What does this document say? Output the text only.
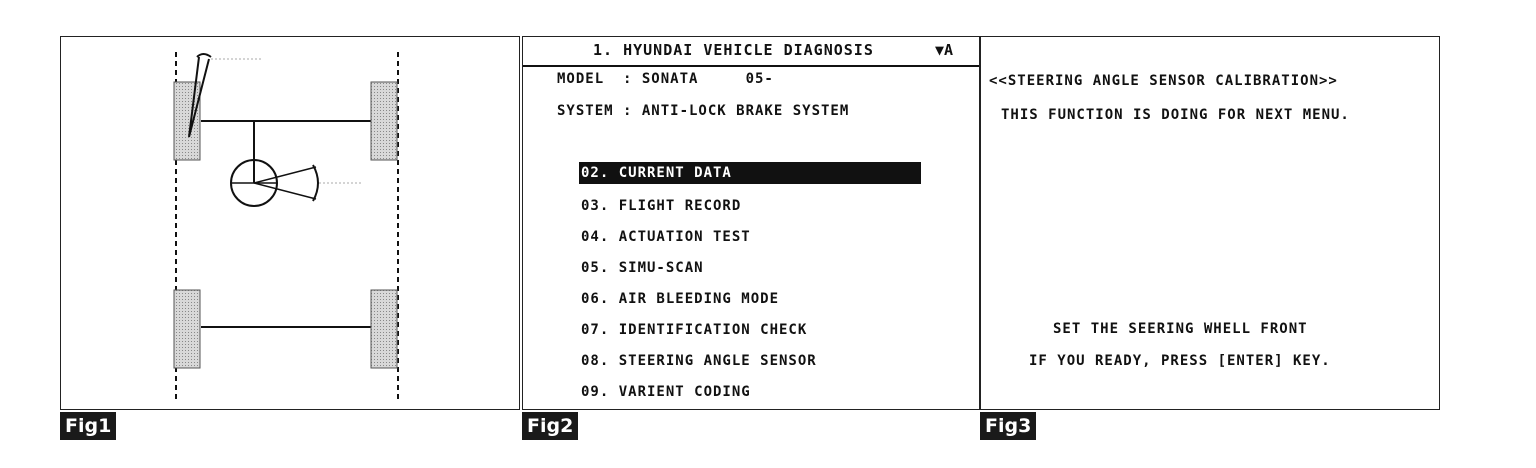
Fig1
1. HYUNDAI VEHICLE DIAGNOSIS	▼A
MODEL  : SONATA     05-
SYSTEM : ANTI-LOCK BRAKE SYSTEM
02. CURRENT DATA
03. FLIGHT RECORD
04. ACTUATION TEST
05. SIMU-SCAN
06. AIR BLEEDING MODE
07. IDENTIFICATION CHECK
08. STEERING ANGLE SENSOR
09. VARIENT CODING
Fig2
<<STEERING ANGLE SENSOR CALIBRATION>>
THIS FUNCTION IS DOING FOR NEXT MENU.
SET THE SEERING WHELL FRONT
IF YOU READY, PRESS [ENTER] KEY.
Fig3
